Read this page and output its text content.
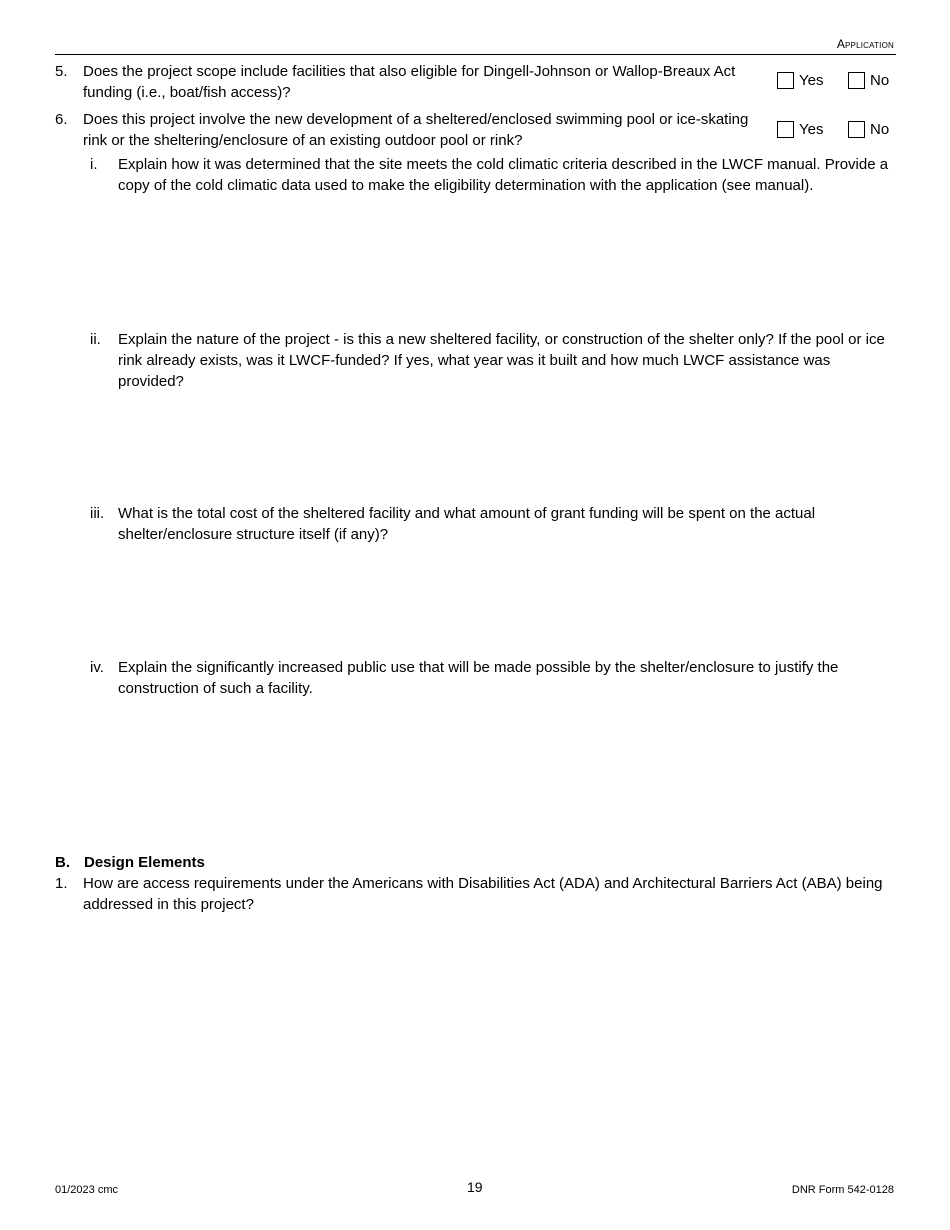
Application
5.	Does the project scope include facilities that also eligible for Dingell-Johnson or Wallop-Breaux Act funding (i.e., boat/fish access)?
Yes	No
6.	Does this project involve the new development of a sheltered/enclosed swimming pool or ice-skating rink or the sheltering/enclosure of an existing outdoor pool or rink?
Yes	No
i.	Explain how it was determined that the site meets the cold climatic criteria described in the LWCF manual. Provide a copy of the cold climatic data used to make the eligibility determination with the application (see manual).
ii.	Explain the nature of the project - is this a new sheltered facility, or construction of the shelter only? If the pool or ice rink already exists, was it LWCF-funded? If yes, what year was it built and how much LWCF assistance was provided?
iii. What is the total cost of the sheltered facility and what amount of grant funding will be spent on the actual shelter/enclosure structure itself (if any)?
iv. Explain the significantly increased public use that will be made possible by the shelter/enclosure to justify the construction of such a facility.
B. Design Elements
1.	How are access requirements under the Americans with Disabilities Act (ADA) and Architectural Barriers Act (ABA) being addressed in this project?
01/2023 cmc	19	DNR Form 542-0128
